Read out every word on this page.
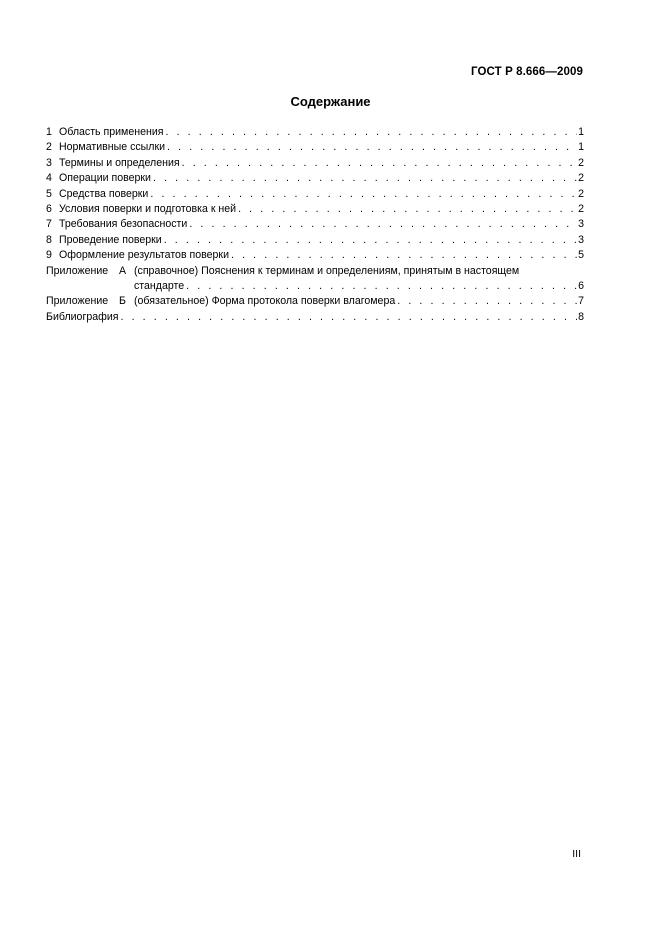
ГОСТ Р 8.666—2009
Содержание
1 Область применения . . .	1
2 Нормативные ссылки . . .	1
3 Термины и определения . . .	2
4 Операции поверки . . .	2
5 Средства поверки . . .	2
6 Условия поверки и подготовка к ней . . .	2
7 Требования безопасности . . .	3
8 Проведение поверки . . .	3
9 Оформление результатов поверки . . .	5
Приложение А (справочное) Пояснения к терминам и определениям, принятым в настоящем
стандарте . . .	6
Приложение Б (обязательное) Форма протокола поверки влагомера . . .	7
Библиография . . .	8
III
